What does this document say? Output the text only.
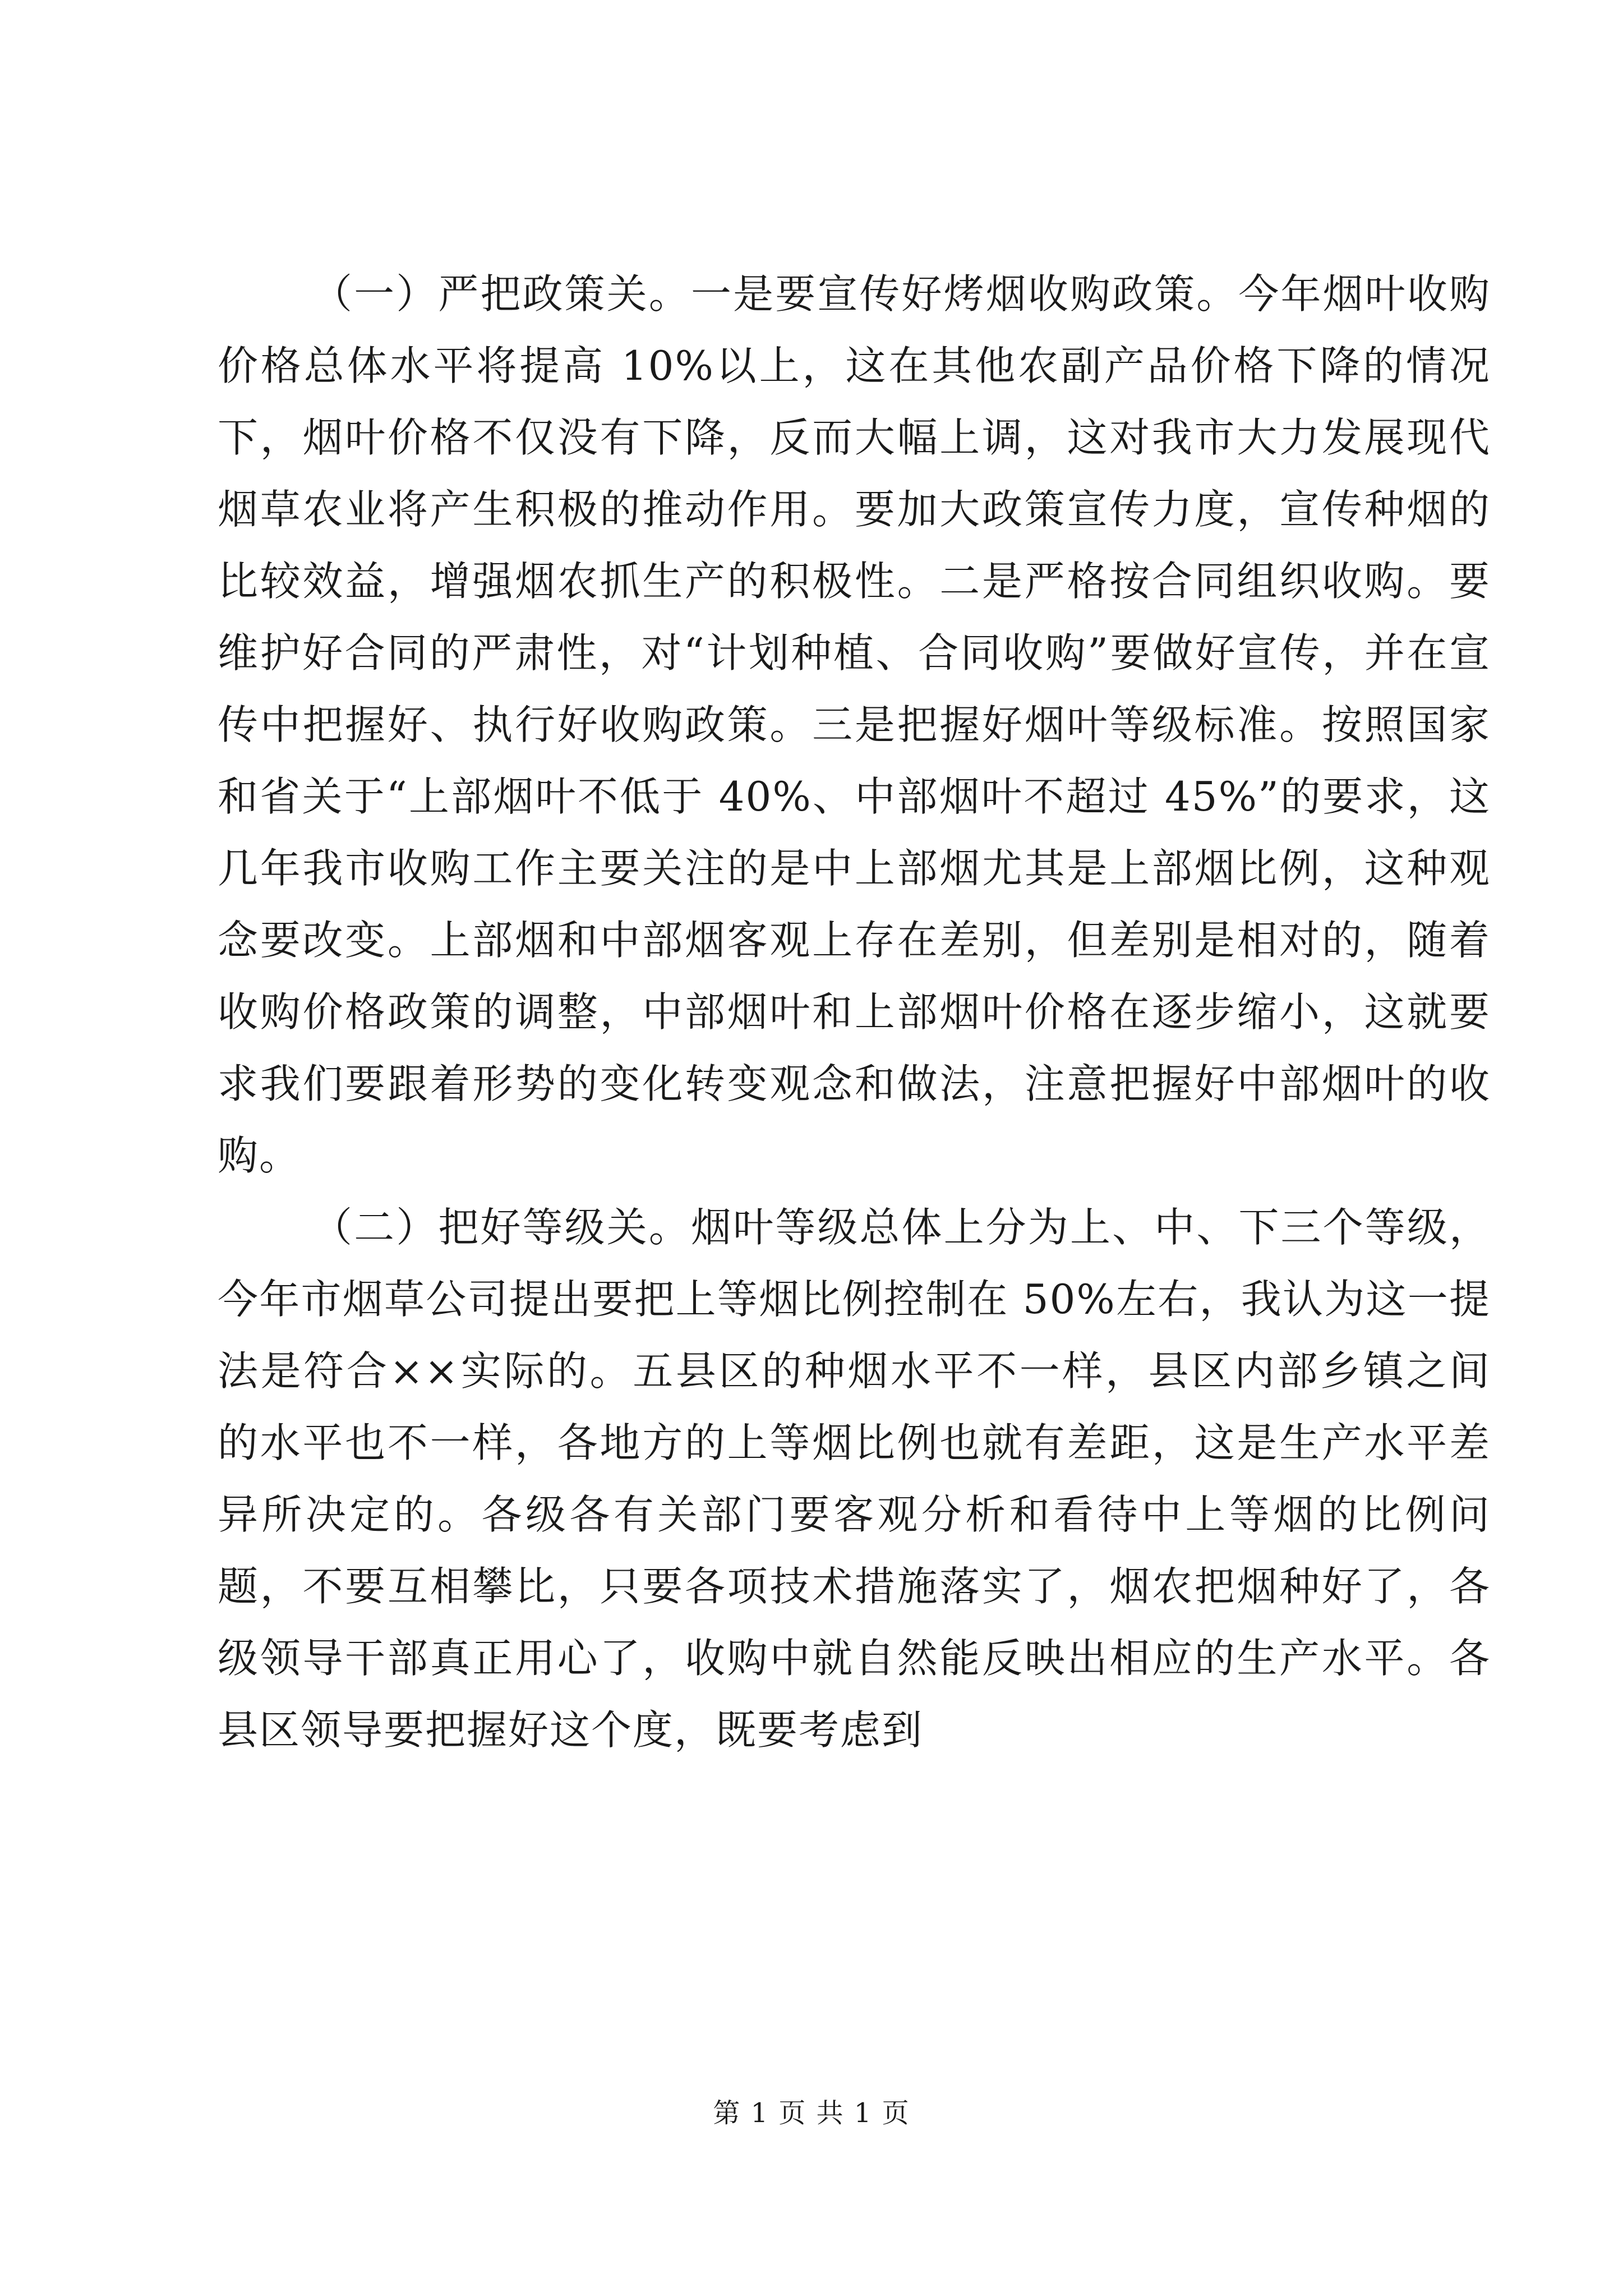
（一）严把政策关。一是要宣传好烤烟收购政策。今年烟叶收购价格总体水平将提高 10%以上，这在其他农副产品价格下降的情况下，烟叶价格不仅没有下降，反而大幅上调，这对我市大力发展现代烟草农业将产生积极的推动作用。要加大政策宣传力度，宣传种烟的比较效益，增强烟农抓生产的积极性。二是严格按合同组织收购。要维护好合同的严肃性，对“计划种植、合同收购”要做好宣传，并在宣传中把握好、执行好收购政策。三是把握好烟叶等级标准。按照国家和省关于“上部烟叶不低于 40%、中部烟叶不超过 45%”的要求，这几年我市收购工作主要关注的是中上部烟尤其是上部烟比例，这种观念要改变。上部烟和中部烟客观上存在差别，但差别是相对的，随着收购价格政策的调整，中部烟叶和上部烟叶价格在逐步缩小，这就要求我们要跟着形势的变化转变观念和做法，注意把握好中部烟叶的收购。

（二）把好等级关。烟叶等级总体上分为上、中、下三个等级，今年市烟草公司提出要把上等烟比例控制在 50%左右，我认为这一提法是符合××实际的。五县区的种烟水平不一样，县区内部乡镇之间的水平也不一样，各地方的上等烟比例也就有差距，这是生产水平差异所决定的。各级各有关部门要客观分析和看待中上等烟的比例问题，不要互相攀比，只要各项技术措施落实了，烟农把烟种好了，各级领导干部真正用心了，收购中就自然能反映出相应的生产水平。各县区领导要把握好这个度，既要考虑到

第 1 页 共 1 页
